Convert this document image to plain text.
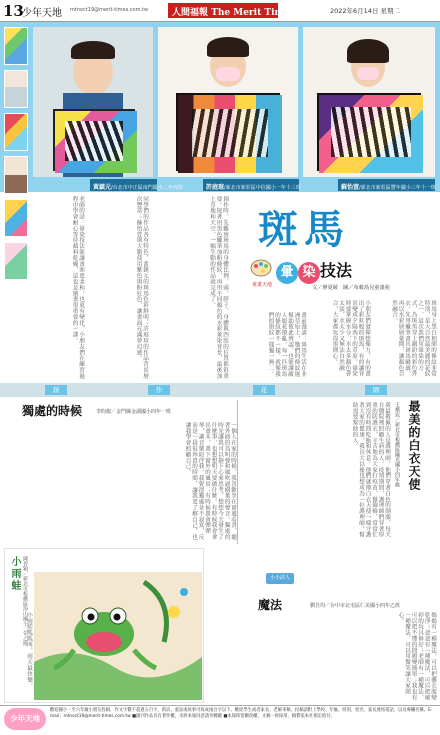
13
少年天地 mtnoct19@merit-times.com.tw	人間福報 The Merit Times	2022年6月14日 星期二
黃鎮元/台北市中正區南門國小二年丙班	許庭瑄/新北市新莊區中信國小一年十三班	蘇怡萱/新北市新莊區豐年國小三年十一班
斑馬
暈 染 技法
童畫天地	文／廖夏綾　圖／布穀鳥兒童畫苑
斑馬身上黑白相間的條紋非常特別，是大自然最美麗的花紋之一。這次我們用暈染的方式，為斑馬穿上繽紛的彩色外衣。先用蠟筆畫出斑馬輪廓，再以水彩層層暈開，讓顏色自然融合。
小朋友們發揮想像力，有的畫出了彩虹般的斑馬，有的讓背景變成夕陽西下的草原。暈染時要掌握水分，水太多顏色會太淡，水太少又無法自然融合，大家都玩得很開心。
畫前漫談：斑馬生活在非洲草原上，牠們的條紋能幫助彼此辨認，也能讓敵人眼花撩亂。每一匹斑馬的條紋都不一樣，就像我們的指紋一樣獨一無二。
創作時，先觀察斑馬的身體比例，頭、脖子、身體與四肢的位置都很重要。接著用黑色蠟筆加粗條紋，再用不同顏色的水彩暈染背景，最後加上草地和天空，一幅生動的作品就完成了。
同學們的作品各有特色，黃鎮元的斑馬色彩鮮明；許庭瑄的作品背景層次豐富；蘇怡萱則大膽使用紫色與粉紅色，讓畫面充滿夢幻感。
老師的話：暈染技法能讓畫面更柔和，也更有變化。小朋友們在練習過程中學會耐心等待顏料乾燥，這也是繪畫很重要的一課。
創	作	花	園
獨處的時候	李昀叡／金門縣金湖國小四年一班
一個人在家的時候，我喜歡坐在窗邊看書，聽著外面的鳥叫聲和風吹過樹葉的聲音。獨處的時光讓我可以靜下心來思考，想想今天發生了什麼事，也想想明天要做什麼。有時候我會拿出畫本，畫下窗外的風景；有時候我會彈彈琴，讓音樂陪伴我。我覺得獨處並不寂寞，反而是一段很珍貴的時間，讓我更了解自己，也讓我學會照顧自己。	我最敬佩的人是護理師，他們穿著白色的制服，每天在醫院裡照顧生病的人。疫情期間，護理師們穿著厚重的防護衣，辛苦地為大家打疫苗、做篩檢，常常忙到沒有時間吃飯和休息。他們就像白衣天使一樣守護著大家的健康，我長大以後也想成為一位護理師，幫助需要幫助的人。	最美的白衣天使
王楷宸／新北市板橋區國光國小四年級
小雨蛙 陳晉穎／新北市板橋區海山國小二年乙班	小小詩人
魔法	劉昱均／台中市北屯區仁美國小四年乙班
媽媽有一種魔法，可以把髒衣服變乾淨；爸爸有一種魔法，可以把壞掉的玩具修好；老師有一種魔法，可以把不懂的問題變簡單；我也有一種魔法，可以用微笑讓大家開心。
小雨蛙呱呱叫，雨天最快樂。
少年天地
歡迎國小一至六年級小朋友投稿，作文字數不超過五百字，新詩、童話或故事可寫成兩百字以下。歡迎學生或者家長、老師來稿，投稿請附上學校、年級、班別、姓名、家長連絡電話，以及專欄名稱。E-mail：mtnoct19@merit-times.com.tw ■副刊作品具有著作權，未經本報同意請勿轉載 ■本報保留刪改權，文稿一經採用，稿費依本社規定給付。
